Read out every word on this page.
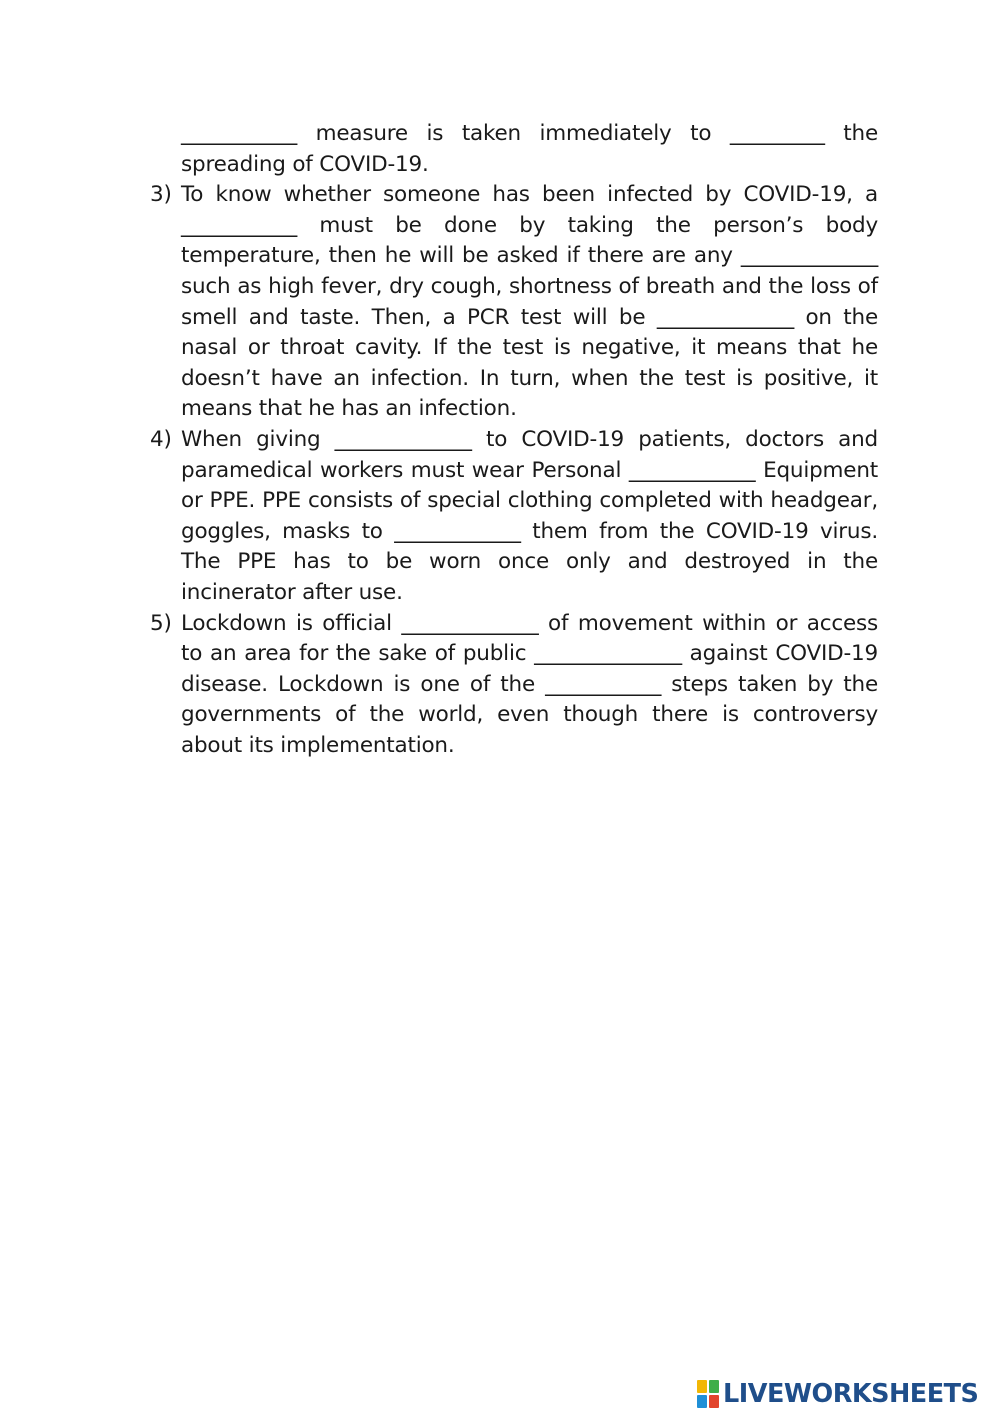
___________ measure is taken immediately to _________ the spreading of COVID-19.
3) To know whether someone has been infected by COVID-19, a ___________ must be done by taking the person’s body temperature, then he will be asked if there are any _____________ such as high fever, dry cough, shortness of breath and the loss of smell and taste. Then, a PCR test will be _____________ on the nasal or throat cavity. If the test is negative, it means that he doesn’t have an infection. In turn, when the test is positive, it means that he has an infection.
4) When giving _____________ to COVID-19 patients, doctors and paramedical workers must wear Personal ____________ Equipment or PPE. PPE consists of special clothing completed with headgear, goggles, masks to ____________ them from the COVID-19 virus. The PPE has to be worn once only and destroyed in the incinerator after use.
5) Lockdown is official _____________ of movement within or access to an area for the sake of public ______________ against COVID-19 disease. Lockdown is one of the ___________ steps taken by the governments of the world, even though there is controversy about its implementation.
LIVEWORKSHEETS
